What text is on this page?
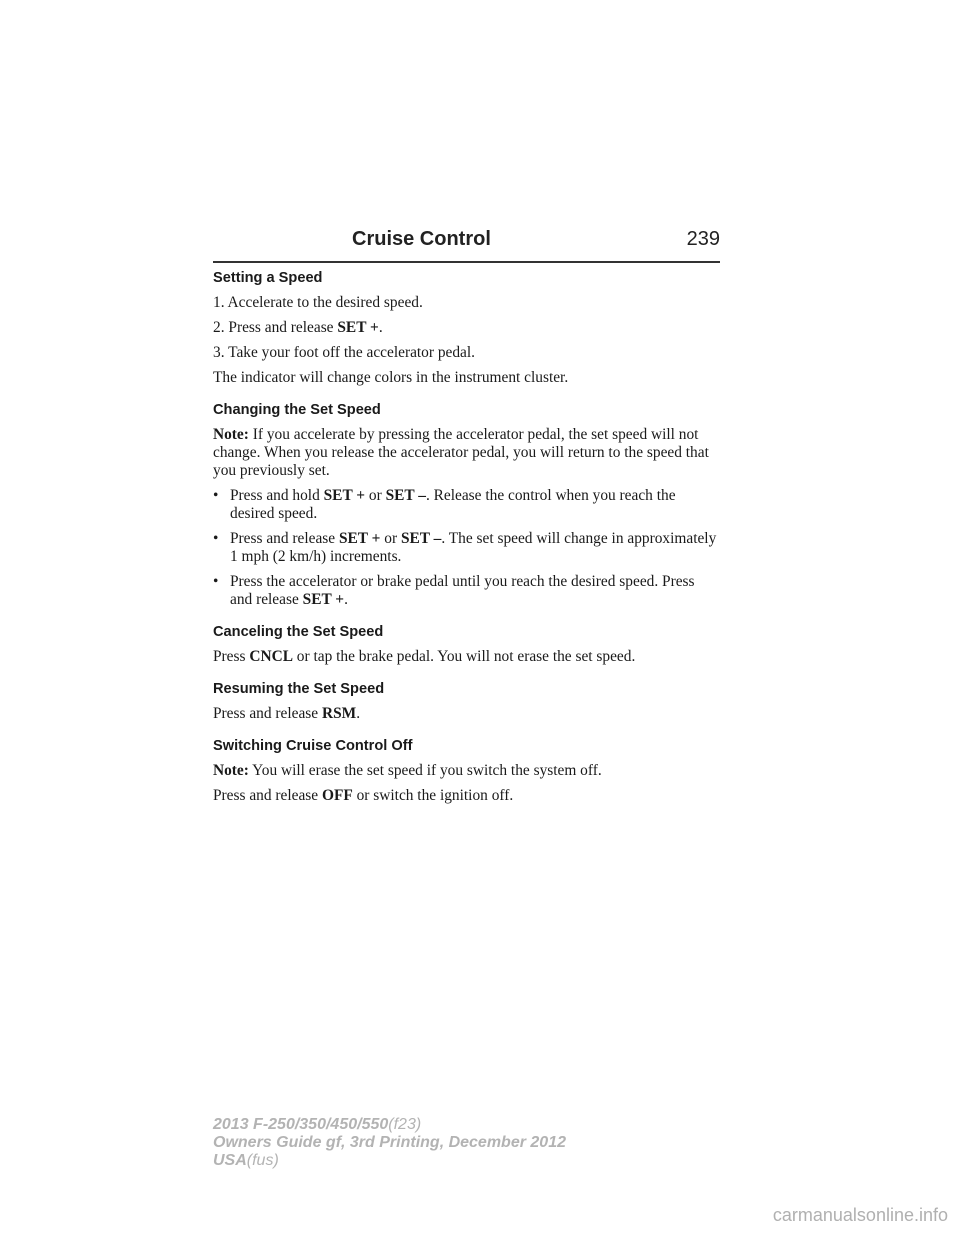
Cruise Control	239
Setting a Speed
1. Accelerate to the desired speed.
2. Press and release SET +.
3. Take your foot off the accelerator pedal.
The indicator will change colors in the instrument cluster.
Changing the Set Speed
Note: If you accelerate by pressing the accelerator pedal, the set speed will not change. When you release the accelerator pedal, you will return to the speed that you previously set.
• Press and hold SET + or SET –. Release the control when you reach the desired speed.
• Press and release SET + or SET –. The set speed will change in approximately 1 mph (2 km/h) increments.
• Press the accelerator or brake pedal until you reach the desired speed. Press and release SET +.
Canceling the Set Speed
Press CNCL or tap the brake pedal. You will not erase the set speed.
Resuming the Set Speed
Press and release RSM.
Switching Cruise Control Off
Note: You will erase the set speed if you switch the system off.
Press and release OFF or switch the ignition off.
2013 F-250/350/450/550(f23)
Owners Guide gf, 3rd Printing, December 2012
USA(fus)
carmanualsonline.info
